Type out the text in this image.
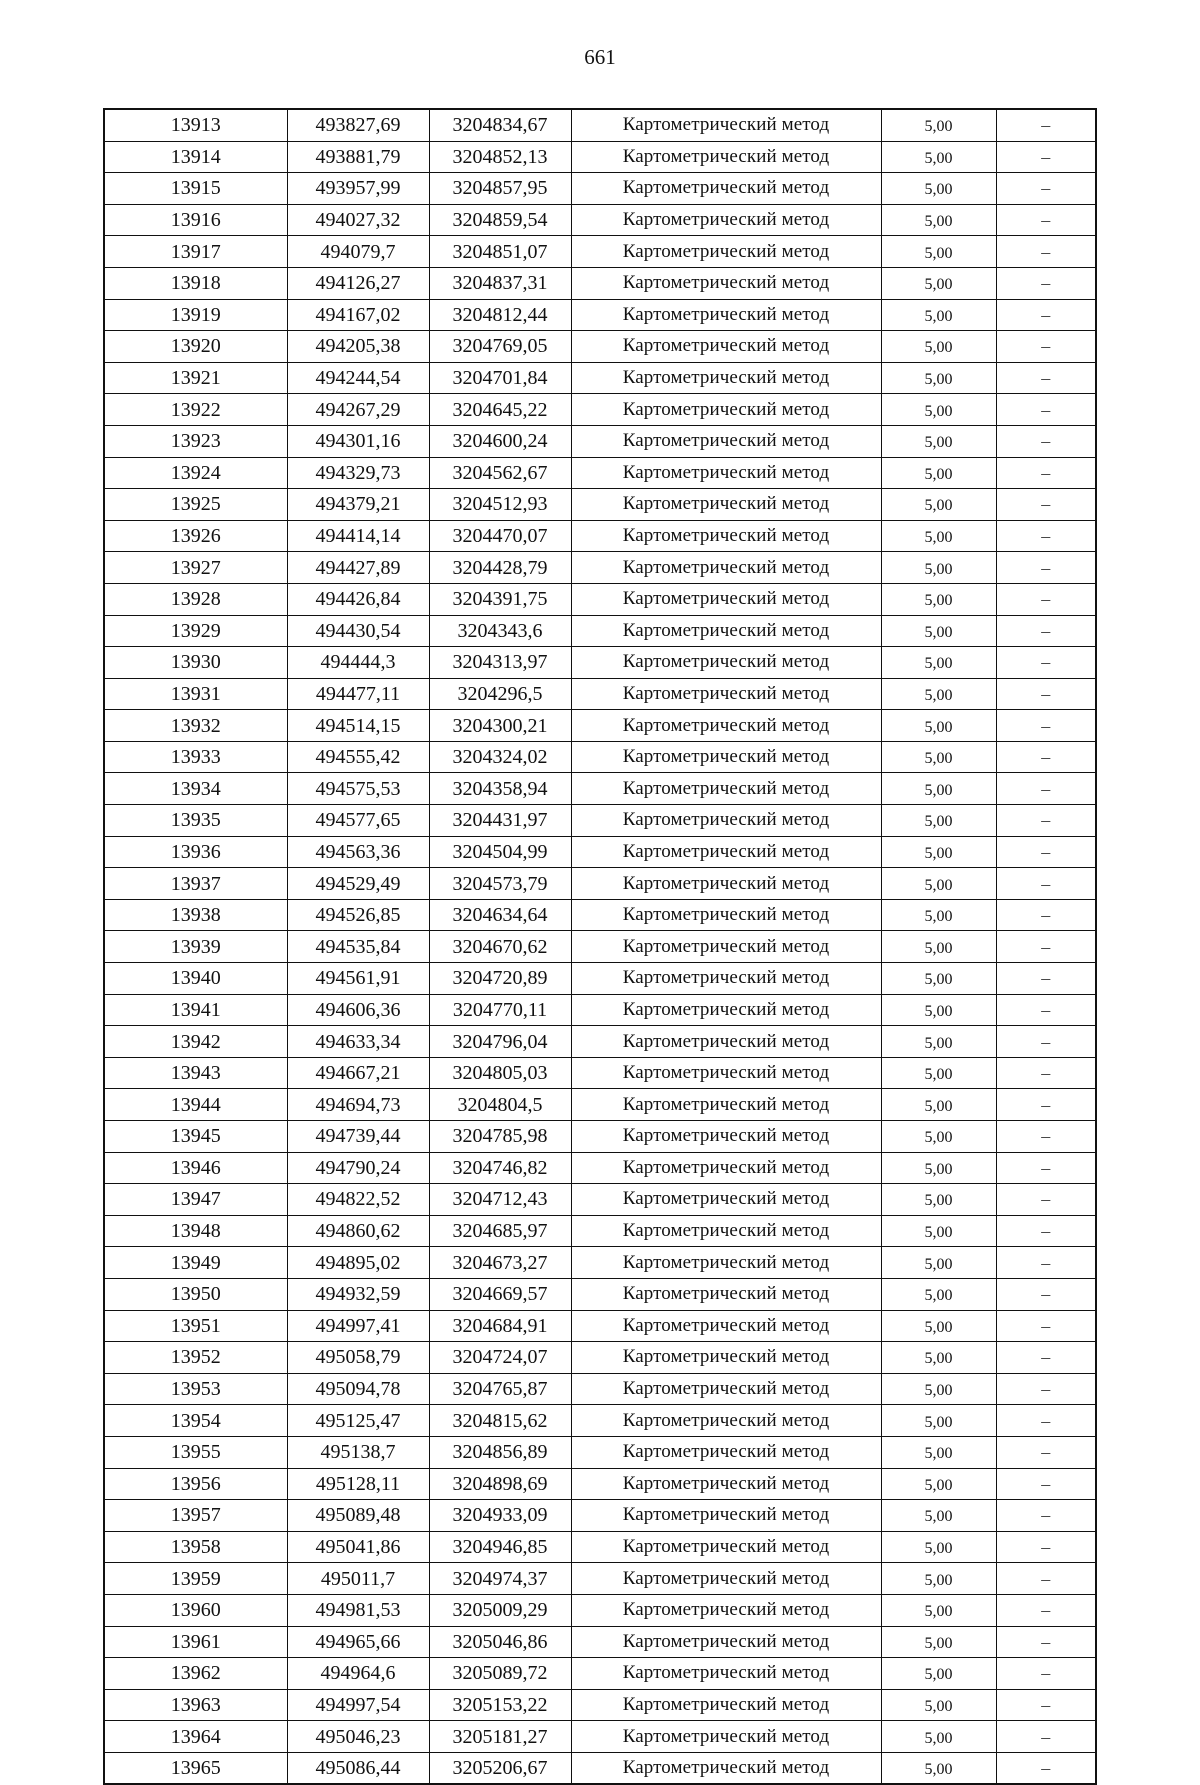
661
13913	493827,69	3204834,67	Картометрический метод	5,00	–
13914	493881,79	3204852,13	Картометрический метод	5,00	–
13915	493957,99	3204857,95	Картометрический метод	5,00	–
13916	494027,32	3204859,54	Картометрический метод	5,00	–
13917	494079,7	3204851,07	Картометрический метод	5,00	–
13918	494126,27	3204837,31	Картометрический метод	5,00	–
13919	494167,02	3204812,44	Картометрический метод	5,00	–
13920	494205,38	3204769,05	Картометрический метод	5,00	–
13921	494244,54	3204701,84	Картометрический метод	5,00	–
13922	494267,29	3204645,22	Картометрический метод	5,00	–
13923	494301,16	3204600,24	Картометрический метод	5,00	–
13924	494329,73	3204562,67	Картометрический метод	5,00	–
13925	494379,21	3204512,93	Картометрический метод	5,00	–
13926	494414,14	3204470,07	Картометрический метод	5,00	–
13927	494427,89	3204428,79	Картометрический метод	5,00	–
13928	494426,84	3204391,75	Картометрический метод	5,00	–
13929	494430,54	3204343,6	Картометрический метод	5,00	–
13930	494444,3	3204313,97	Картометрический метод	5,00	–
13931	494477,11	3204296,5	Картометрический метод	5,00	–
13932	494514,15	3204300,21	Картометрический метод	5,00	–
13933	494555,42	3204324,02	Картометрический метод	5,00	–
13934	494575,53	3204358,94	Картометрический метод	5,00	–
13935	494577,65	3204431,97	Картометрический метод	5,00	–
13936	494563,36	3204504,99	Картометрический метод	5,00	–
13937	494529,49	3204573,79	Картометрический метод	5,00	–
13938	494526,85	3204634,64	Картометрический метод	5,00	–
13939	494535,84	3204670,62	Картометрический метод	5,00	–
13940	494561,91	3204720,89	Картометрический метод	5,00	–
13941	494606,36	3204770,11	Картометрический метод	5,00	–
13942	494633,34	3204796,04	Картометрический метод	5,00	–
13943	494667,21	3204805,03	Картометрический метод	5,00	–
13944	494694,73	3204804,5	Картометрический метод	5,00	–
13945	494739,44	3204785,98	Картометрический метод	5,00	–
13946	494790,24	3204746,82	Картометрический метод	5,00	–
13947	494822,52	3204712,43	Картометрический метод	5,00	–
13948	494860,62	3204685,97	Картометрический метод	5,00	–
13949	494895,02	3204673,27	Картометрический метод	5,00	–
13950	494932,59	3204669,57	Картометрический метод	5,00	–
13951	494997,41	3204684,91	Картометрический метод	5,00	–
13952	495058,79	3204724,07	Картометрический метод	5,00	–
13953	495094,78	3204765,87	Картометрический метод	5,00	–
13954	495125,47	3204815,62	Картометрический метод	5,00	–
13955	495138,7	3204856,89	Картометрический метод	5,00	–
13956	495128,11	3204898,69	Картометрический метод	5,00	–
13957	495089,48	3204933,09	Картометрический метод	5,00	–
13958	495041,86	3204946,85	Картометрический метод	5,00	–
13959	495011,7	3204974,37	Картометрический метод	5,00	–
13960	494981,53	3205009,29	Картометрический метод	5,00	–
13961	494965,66	3205046,86	Картометрический метод	5,00	–
13962	494964,6	3205089,72	Картометрический метод	5,00	–
13963	494997,54	3205153,22	Картометрический метод	5,00	–
13964	495046,23	3205181,27	Картометрический метод	5,00	–
13965	495086,44	3205206,67	Картометрический метод	5,00	–
